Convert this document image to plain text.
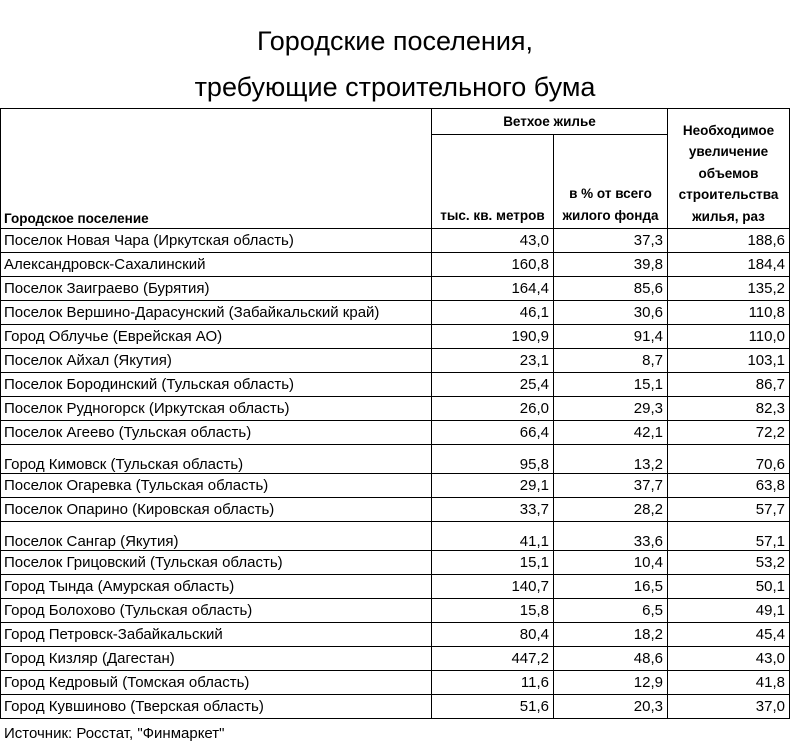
Городские поселения,
требующие строительного бума
Городское поселение	Ветхое жилье		Необходимое увеличение объемов строительства жилья, раз
	тыс. кв. метров	в % от всего жилого фонда	
Поселок Новая Чара (Иркутская область)	43,0	37,3	188,6
Александровск-Сахалинский	160,8	39,8	184,4
Поселок Заиграево (Бурятия)	164,4	85,6	135,2
Поселок Вершино-Дарасунский (Забайкальский край)	46,1	30,6	110,8
Город Облучье (Еврейская АО)	190,9	91,4	110,0
Поселок Айхал (Якутия)	23,1	8,7	103,1
Поселок Бородинский (Тульская область)	25,4	15,1	86,7
Поселок Рудногорск (Иркутская область)	26,0	29,3	82,3
Поселок Агеево (Тульская область)	66,4	42,1	72,2
Город Кимовск (Тульская область)	95,8	13,2	70,6
Поселок Огаревка (Тульская область)	29,1	37,7	63,8
Поселок Опарино (Кировская область)	33,7	28,2	57,7
Поселок Сангар (Якутия)	41,1	33,6	57,1
Поселок Грицовский (Тульская область)	15,1	10,4	53,2
Город Тында (Амурская область)	140,7	16,5	50,1
Город Болохово (Тульская область)	15,8	6,5	49,1
Город Петровск-Забайкальский	80,4	18,2	45,4
Город Кизляр (Дагестан)	447,2	48,6	43,0
Город Кедровый (Томская область)	11,6	12,9	41,8
Город Кувшиново (Тверская область)	51,6	20,3	37,0
Источник: Росстат, "Финмаркет"
